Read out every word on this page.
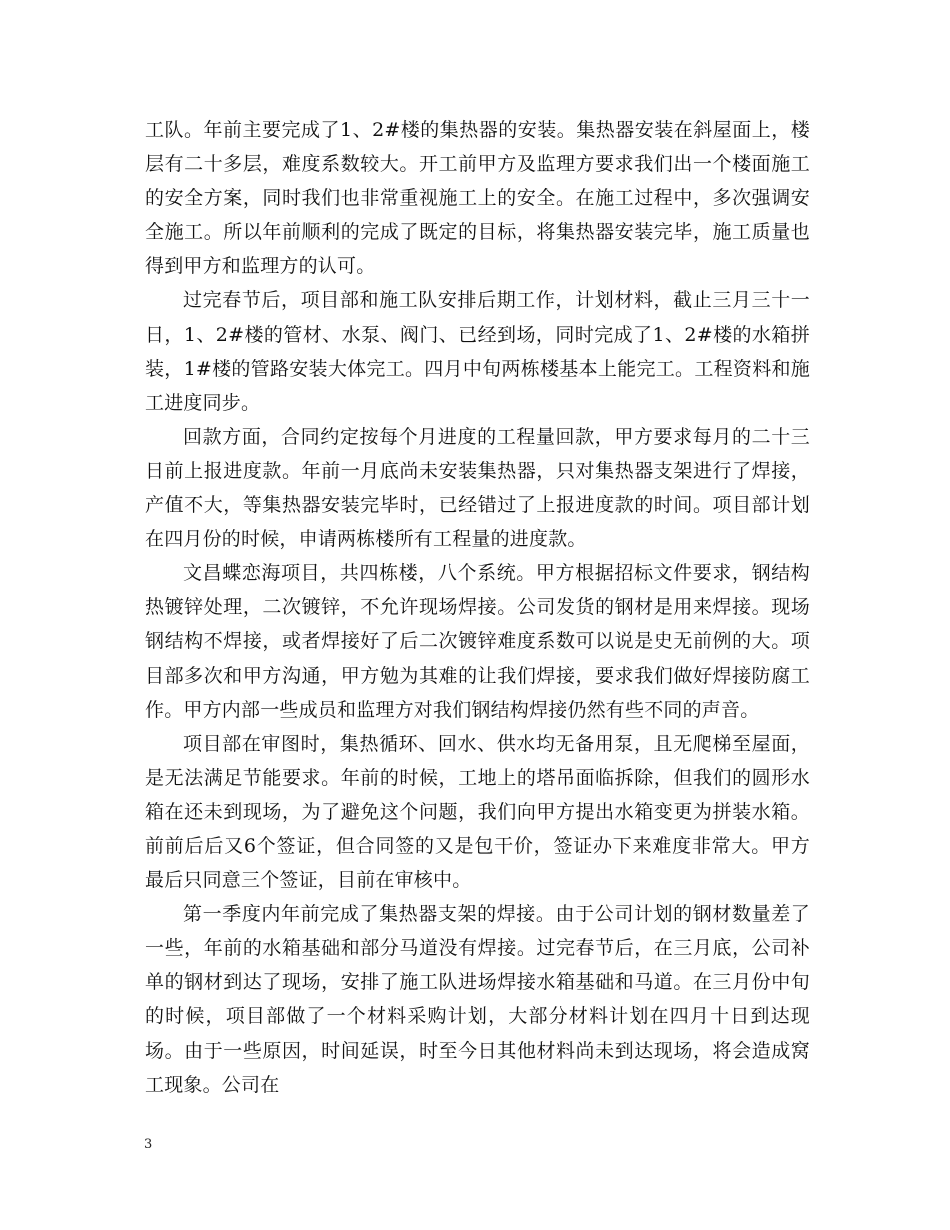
工队。年前主要完成了1、2#楼的集热器的安装。集热器安装在斜屋面上，楼层有二十多层，难度系数较大。开工前甲方及监理方要求我们出一个楼面施工的安全方案，同时我们也非常重视施工上的安全。在施工过程中，多次强调安全施工。所以年前顺利的完成了既定的目标，将集热器安装完毕，施工质量也得到甲方和监理方的认可。

过完春节后，项目部和施工队安排后期工作，计划材料，截止三月三十一日，1、2#楼的管材、水泵、阀门、已经到场，同时完成了1、2#楼的水箱拼装，1#楼的管路安装大体完工。四月中旬两栋楼基本上能完工。工程资料和施工进度同步。

回款方面，合同约定按每个月进度的工程量回款，甲方要求每月的二十三日前上报进度款。年前一月底尚未安装集热器，只对集热器支架进行了焊接，产值不大，等集热器安装完毕时，已经错过了上报进度款的时间。项目部计划在四月份的时候，申请两栋楼所有工程量的进度款。

文昌蝶恋海项目，共四栋楼，八个系统。甲方根据招标文件要求，钢结构热镀锌处理，二次镀锌，不允许现场焊接。公司发货的钢材是用来焊接。现场钢结构不焊接，或者焊接好了后二次镀锌难度系数可以说是史无前例的大。项目部多次和甲方沟通，甲方勉为其难的让我们焊接，要求我们做好焊接防腐工作。甲方内部一些成员和监理方对我们钢结构焊接仍然有些不同的声音。

项目部在审图时，集热循环、回水、供水均无备用泵，且无爬梯至屋面，是无法满足节能要求。年前的时候，工地上的塔吊面临拆除，但我们的圆形水箱在还未到现场，为了避免这个问题，我们向甲方提出水箱变更为拼装水箱。前前后后又6个签证，但合同签的又是包干价，签证办下来难度非常大。甲方最后只同意三个签证，目前在审核中。

第一季度内年前完成了集热器支架的焊接。由于公司计划的钢材数量差了一些，年前的水箱基础和部分马道没有焊接。过完春节后，在三月底，公司补单的钢材到达了现场，安排了施工队进场焊接水箱基础和马道。在三月份中旬的时候，项目部做了一个材料采购计划，大部分材料计划在四月十日到达现场。由于一些原因，时间延误，时至今日其他材料尚未到达现场，将会造成窝工现象。公司在

3
